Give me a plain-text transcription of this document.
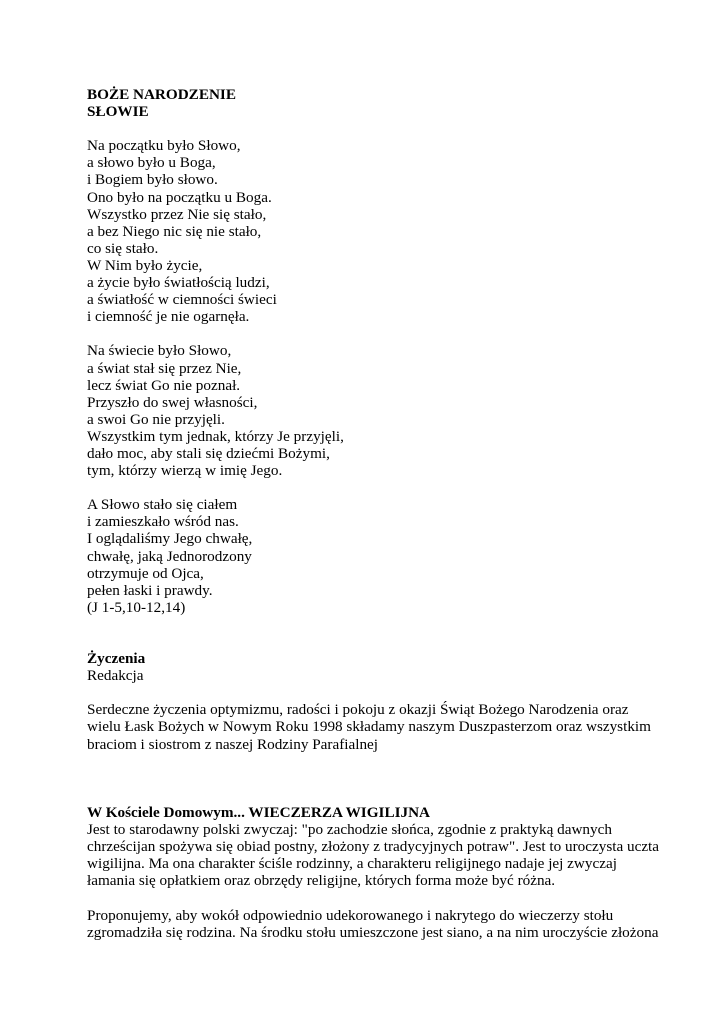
BOŻE NARODZENIE
SŁOWIE
Na początku było Słowo,
a słowo było u Boga,
i Bogiem było słowo.
Ono było na początku u Boga.
Wszystko przez Nie się stało,
a bez Niego nic się nie stało,
co się stało.
W Nim było życie,
a życie było światłością ludzi,
a światłość w ciemności świeci
i ciemność je nie ogarnęła.
Na świecie było Słowo,
a świat stał się przez Nie,
lecz świat Go nie poznał.
Przyszło do swej własności,
a swoi Go nie przyjęli.
Wszystkim tym jednak, którzy Je przyjęli,
dało moc, aby stali się dziećmi Bożymi,
tym, którzy wierzą w imię Jego.
A Słowo stało się ciałem
i zamieszkało wśród nas.
I oglądaliśmy Jego chwałę,
chwałę, jaką Jednorodzony
otrzymuje od Ojca,
pełen łaski i prawdy.
(J 1-5,10-12,14)
Życzenia
Redakcja
Serdeczne życzenia optymizmu, radości i pokoju z okazji Świąt Bożego Narodzenia oraz
wielu Łask Bożych w Nowym Roku 1998 składamy naszym Duszpasterzom oraz wszystkim
braciom i siostrom z naszej Rodziny Parafialnej
W Kościele Domowym... WIECZERZA WIGILIJNA
Jest to starodawny polski zwyczaj: "po zachodzie słońca, zgodnie z praktyką dawnych
chrześcijan spożywa się obiad postny, złożony z tradycyjnych potraw". Jest to uroczysta uczta
wigilijna. Ma ona charakter ściśle rodzinny, a charakteru religijnego nadaje jej zwyczaj
łamania się opłatkiem oraz obrzędy religijne, których forma może być różna.
Proponujemy, aby wokół odpowiednio udekorowanego i nakrytego do wieczerzy stołu
zgromadziła się rodzina. Na środku stołu umieszczone jest siano, a na nim uroczyście złożona
